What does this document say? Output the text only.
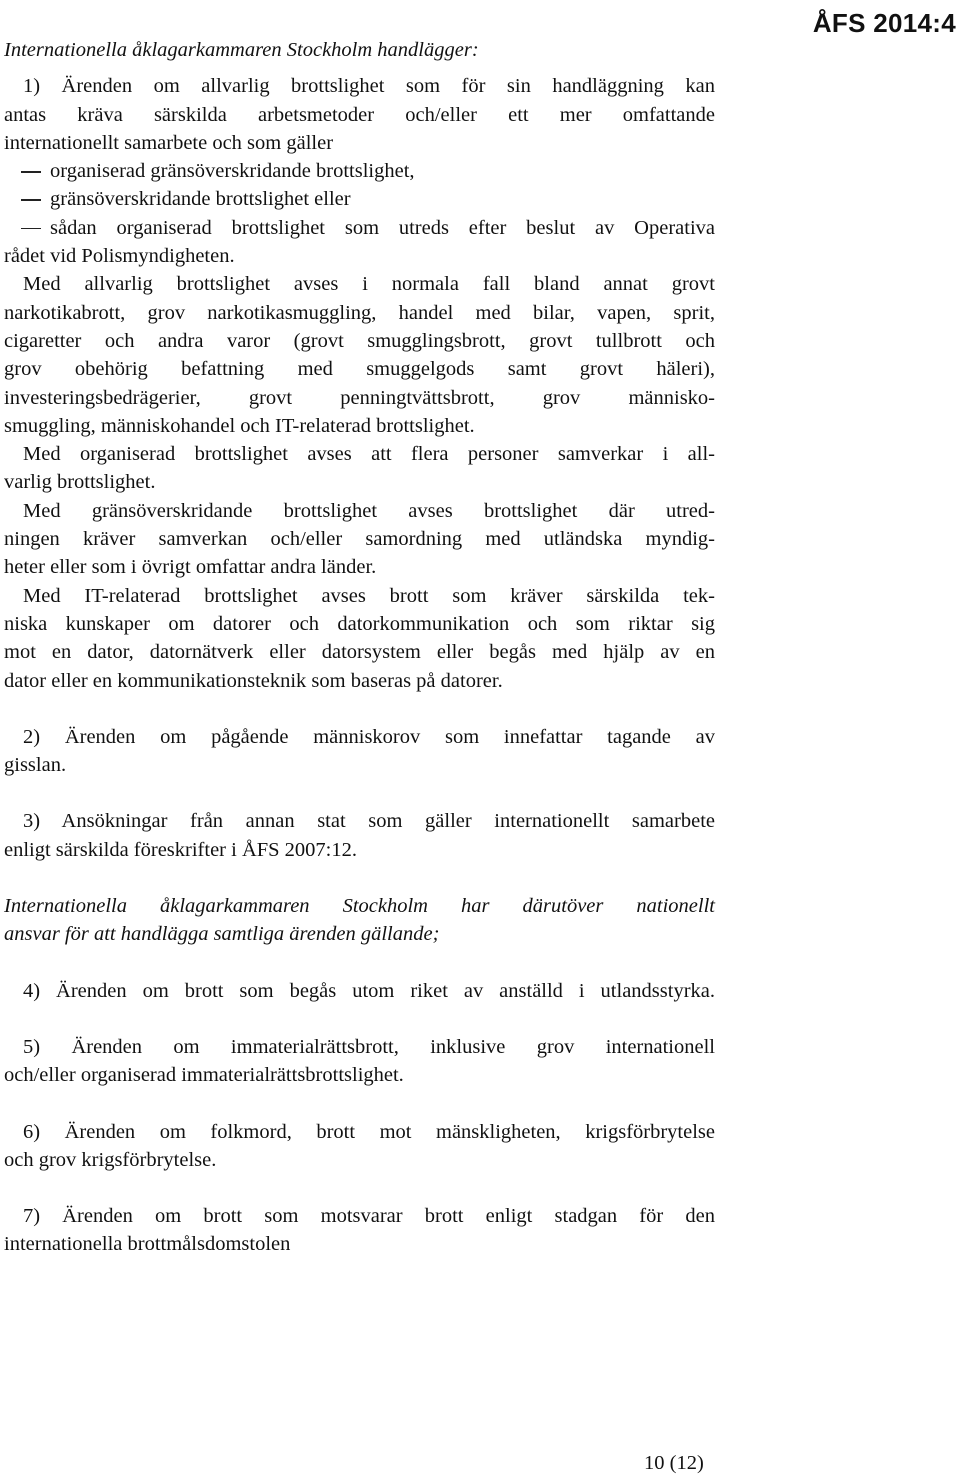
ÅFS 2014:4
Internationella åklagarkammaren Stockholm handlägger:
1) Ärenden om allvarlig brottslighet som för sin handläggning kan
antas kräva särskilda arbetsmetoder och/eller ett mer omfattande
internationellt samarbete och som gäller
organiserad gränsöverskridande brottslighet,
gränsöverskridande brottslighet eller
sådan organiserad brottslighet som utreds efter beslut av Operativa
rådet vid Polismyndigheten.
Med allvarlig brottslighet avses i normala fall bland annat grovt
narkotikabrott, grov narkotikasmuggling, handel med bilar, vapen, sprit,
cigaretter och andra varor (grovt smugglingsbrott, grovt tullbrott och
grov obehörig befattning med smuggelgods samt grovt häleri),
investeringsbedrägerier, grovt penningtvättsbrott, grov människo-
smuggling, människohandel och IT-relaterad brottslighet.
Med organiserad brottslighet avses att flera personer samverkar i all-
varlig brottslighet.
Med gränsöverskridande brottslighet avses brottslighet där utred-
ningen kräver samverkan och/eller samordning med utländska myndig-
heter eller som i övrigt omfattar andra länder.
Med IT-relaterad brottslighet avses brott som kräver särskilda tek-
niska kunskaper om datorer och datorkommunikation och som riktar sig
mot en dator, datornätverk eller datorsystem eller begås med hjälp av en
dator eller en kommunikationsteknik som baseras på datorer.
2) Ärenden om pågående människorov som innefattar tagande av
gisslan.
3) Ansökningar från annan stat som gäller internationellt samarbete
enligt särskilda föreskrifter i ÅFS 2007:12.
Internationella åklagarkammaren Stockholm har därutöver nationellt
ansvar för att handlägga samtliga ärenden gällande;
4) Ärenden om brott som begås utom riket av anställd i utlandsstyrka.
5) Ärenden om immaterialrättsbrott, inklusive grov internationell
och/eller organiserad immaterialrättsbrottslighet.
6) Ärenden om folkmord, brott mot mänskligheten, krigsförbrytelse
och grov krigsförbrytelse.
7) Ärenden om brott som motsvarar brott enligt stadgan för den
internationella brottmålsdomstolen
10 (12)
